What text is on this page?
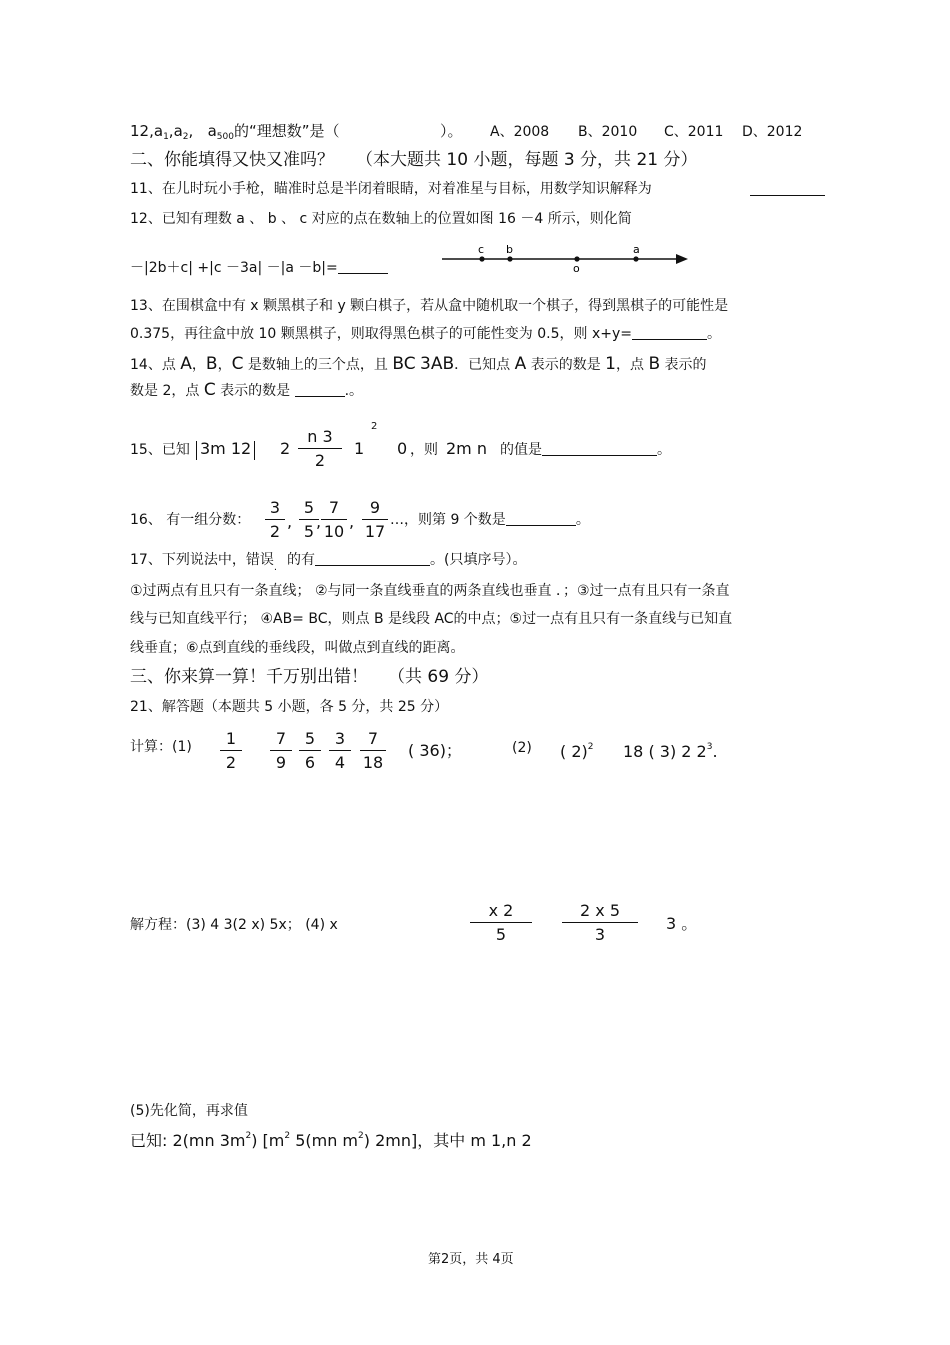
$12,a_1,a_2$,   $a_{500}$的“理想数”是（	）。 A、2008 B、2010 C、2011 D、2012
二、你能填得又快又准吗？ （本大题共 10 小题，每题 3 分，共 21 分）
11、在儿时玩小手枪，瞄准时总是半闭着眼睛，对着准星与目标，用数学知识解释为
12、已知有理数 a 、 b 、 c 对应的点在数轴上的位置如图 16 －4 所示，则化简
－|2b＋c| +|c －3a| －|a －b|=
c b
o
a
13、在围棋盒中有 x 颗黑棋子和 y 颗白棋子，若从盒中随机取一个棋子，得到黑棋子的可能性是
0.375，再往盒中放 10 颗黑棋子，则取得黑色棋子的可能性变为 0.5，则 x+y=	。
14、点 A，B，C 是数轴上的三个点，且 BC 3AB．已知点 A 表示的数是 1，点 B 表示的
数是 2，点 C 表示的数是	.。
15、已知 3m 12 $2 \frac{n 3}{2} 1$
2
0 ，则 2m n 的值是	。
16、 有一组分数： $\frac{3}{2}$ , $\frac{5}{5}$
, $\frac{7}{10}$ , $\frac{9}{17}$ …，则第 9 个数是	。
17、下列说法中，错误$_.$ 的有	。(只填序号）。
①过两点有且只有一条直线； ②与同一条直线垂直的两条直线也垂直 ．；③过一点有且只有一条直
线与已知直线平行； ④AB= BC，则点 B 是线段 AC的中点；⑤过一点有且只有一条直线与已知直
线垂直；⑥点到直线的垂线段，叫做点到直线的距离。
三、你来算一算！千万别出错！ （共 69 分）
21、解答题（本题共 5 小题，各 5 分，共 25 分）
计算：$(1) \frac{1}{2} \frac{7}{9} \frac{5}{6} \frac{3}{4} \frac{7}{18}$ ( 36)；	(2) ( 2)$^2$ 18 ( 3) 2 $2^3$.
解方程：(3) 4 3(2 x) 5x； (4) x	$\frac{x 2}{5} \frac{2 x 5}{3} 3$ 。
(5)先化简，再求值
已知: 2(mn $3m^2$) [$m^2$ 5(mn $m^2$) 2mn]，其中 m 1,n 2
第2页，共 4页
